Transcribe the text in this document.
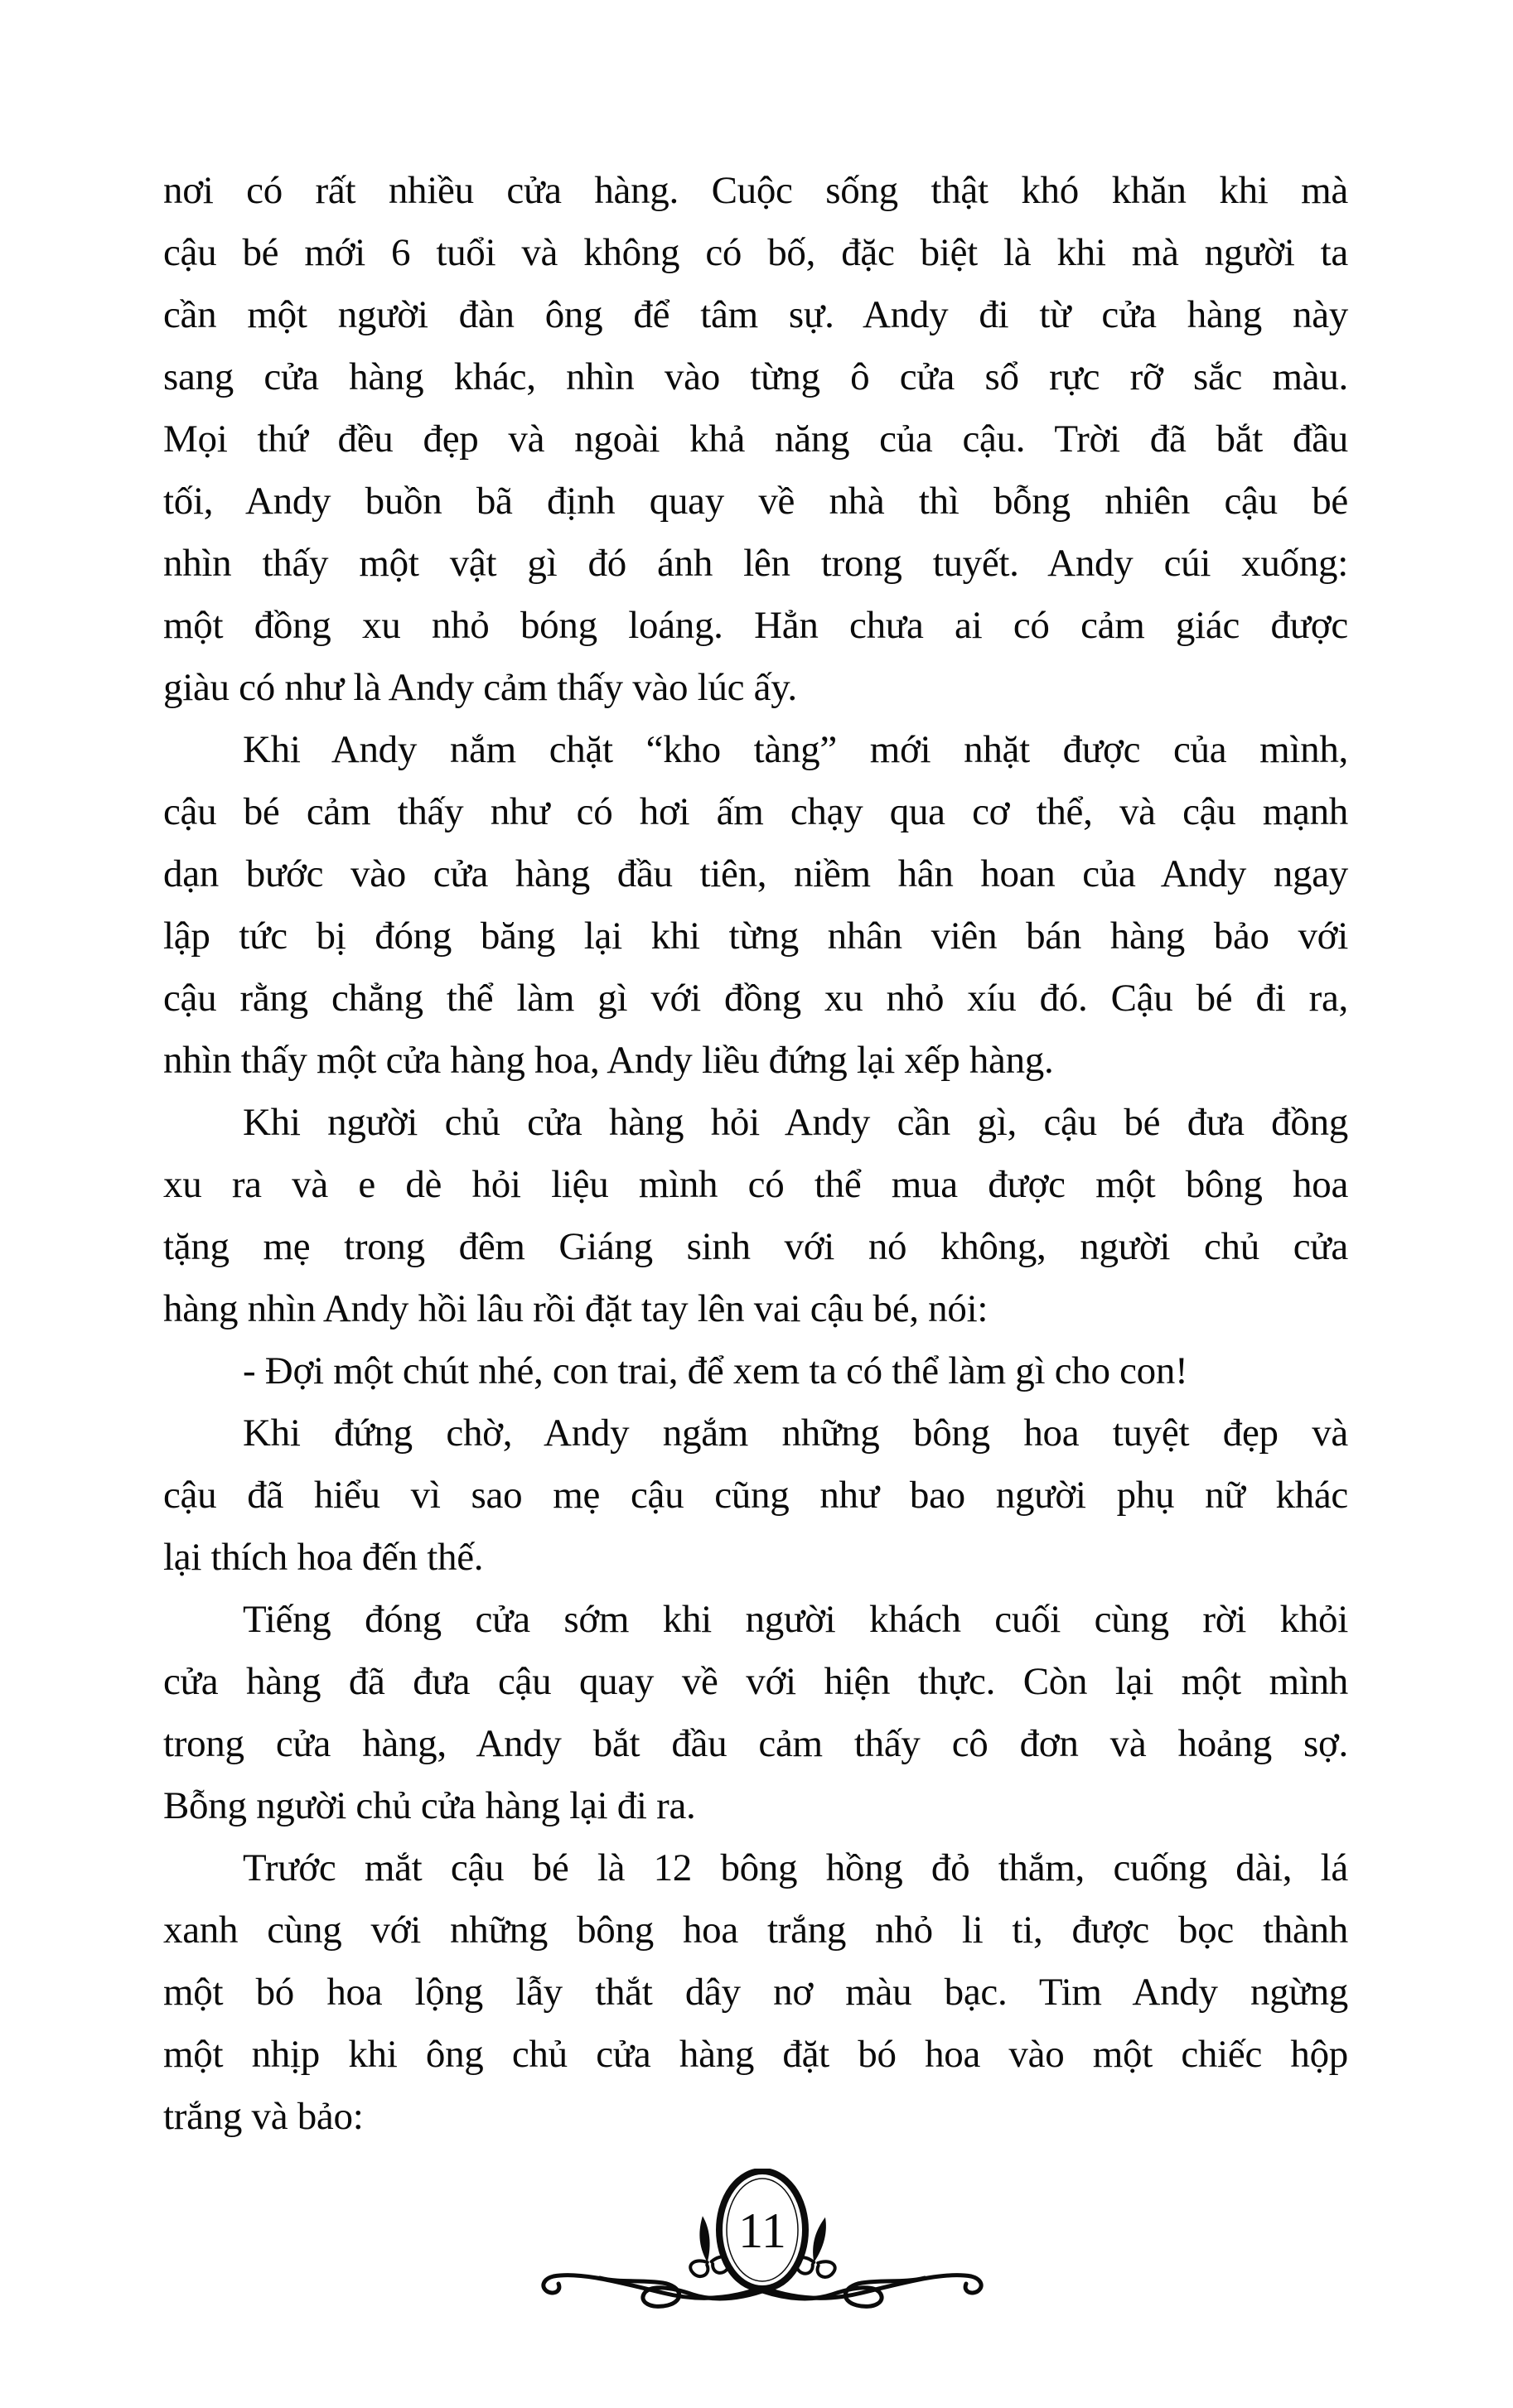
nơi có rất nhiều cửa hàng. Cuộc sống thật khó khăn khi mà
cậu bé mới 6 tuổi và không có bố, đặc biệt là khi mà người ta
cần một người đàn ông để tâm sự. Andy đi từ cửa hàng này
sang cửa hàng khác, nhìn vào từng ô cửa sổ rực rỡ sắc màu.
Mọi thứ đều đẹp và ngoài khả năng của cậu. Trời đã bắt đầu
tối, Andy buồn bã định quay về nhà thì bỗng nhiên cậu bé
nhìn thấy một vật gì đó ánh lên trong tuyết. Andy cúi xuống:
một đồng xu nhỏ bóng loáng. Hẳn chưa ai có cảm giác được
giàu có như là Andy cảm thấy vào lúc ấy.
Khi Andy nắm chặt “kho tàng” mới nhặt được của mình,
cậu bé cảm thấy như có hơi ấm chạy qua cơ thể, và cậu mạnh
dạn bước vào cửa hàng đầu tiên, niềm hân hoan của Andy ngay
lập tức bị đóng băng lại khi từng nhân viên bán hàng bảo với
cậu rằng chẳng thể làm gì với đồng xu nhỏ xíu đó. Cậu bé đi ra,
nhìn thấy một cửa hàng hoa, Andy liều đứng lại xếp hàng.
Khi người chủ cửa hàng hỏi Andy cần gì, cậu bé đưa đồng
xu ra và e dè hỏi liệu mình có thể mua được một bông hoa
tặng mẹ trong đêm Giáng sinh với nó không, người chủ cửa
hàng nhìn Andy hồi lâu rồi đặt tay lên vai cậu bé, nói:
- Đợi một chút nhé, con trai, để xem ta có thể làm gì cho con!
Khi đứng chờ, Andy ngắm những bông hoa tuyệt đẹp và
cậu đã hiểu vì sao mẹ cậu cũng như bao người phụ nữ khác
lại thích hoa đến thế.
Tiếng đóng cửa sớm khi người khách cuối cùng rời khỏi
cửa hàng đã đưa cậu quay về với hiện thực. Còn lại một mình
trong cửa hàng, Andy bắt đầu cảm thấy cô đơn và hoảng sợ.
Bỗng người chủ cửa hàng lại đi ra.
Trước mắt cậu bé là 12 bông hồng đỏ thắm, cuống dài, lá
xanh cùng với những bông hoa trắng nhỏ li ti, được bọc thành
một bó hoa lộng lẫy thắt dây nơ màu bạc. Tim Andy ngừng
một nhịp khi ông chủ cửa hàng đặt bó hoa vào một chiếc hộp
trắng và bảo:
11
